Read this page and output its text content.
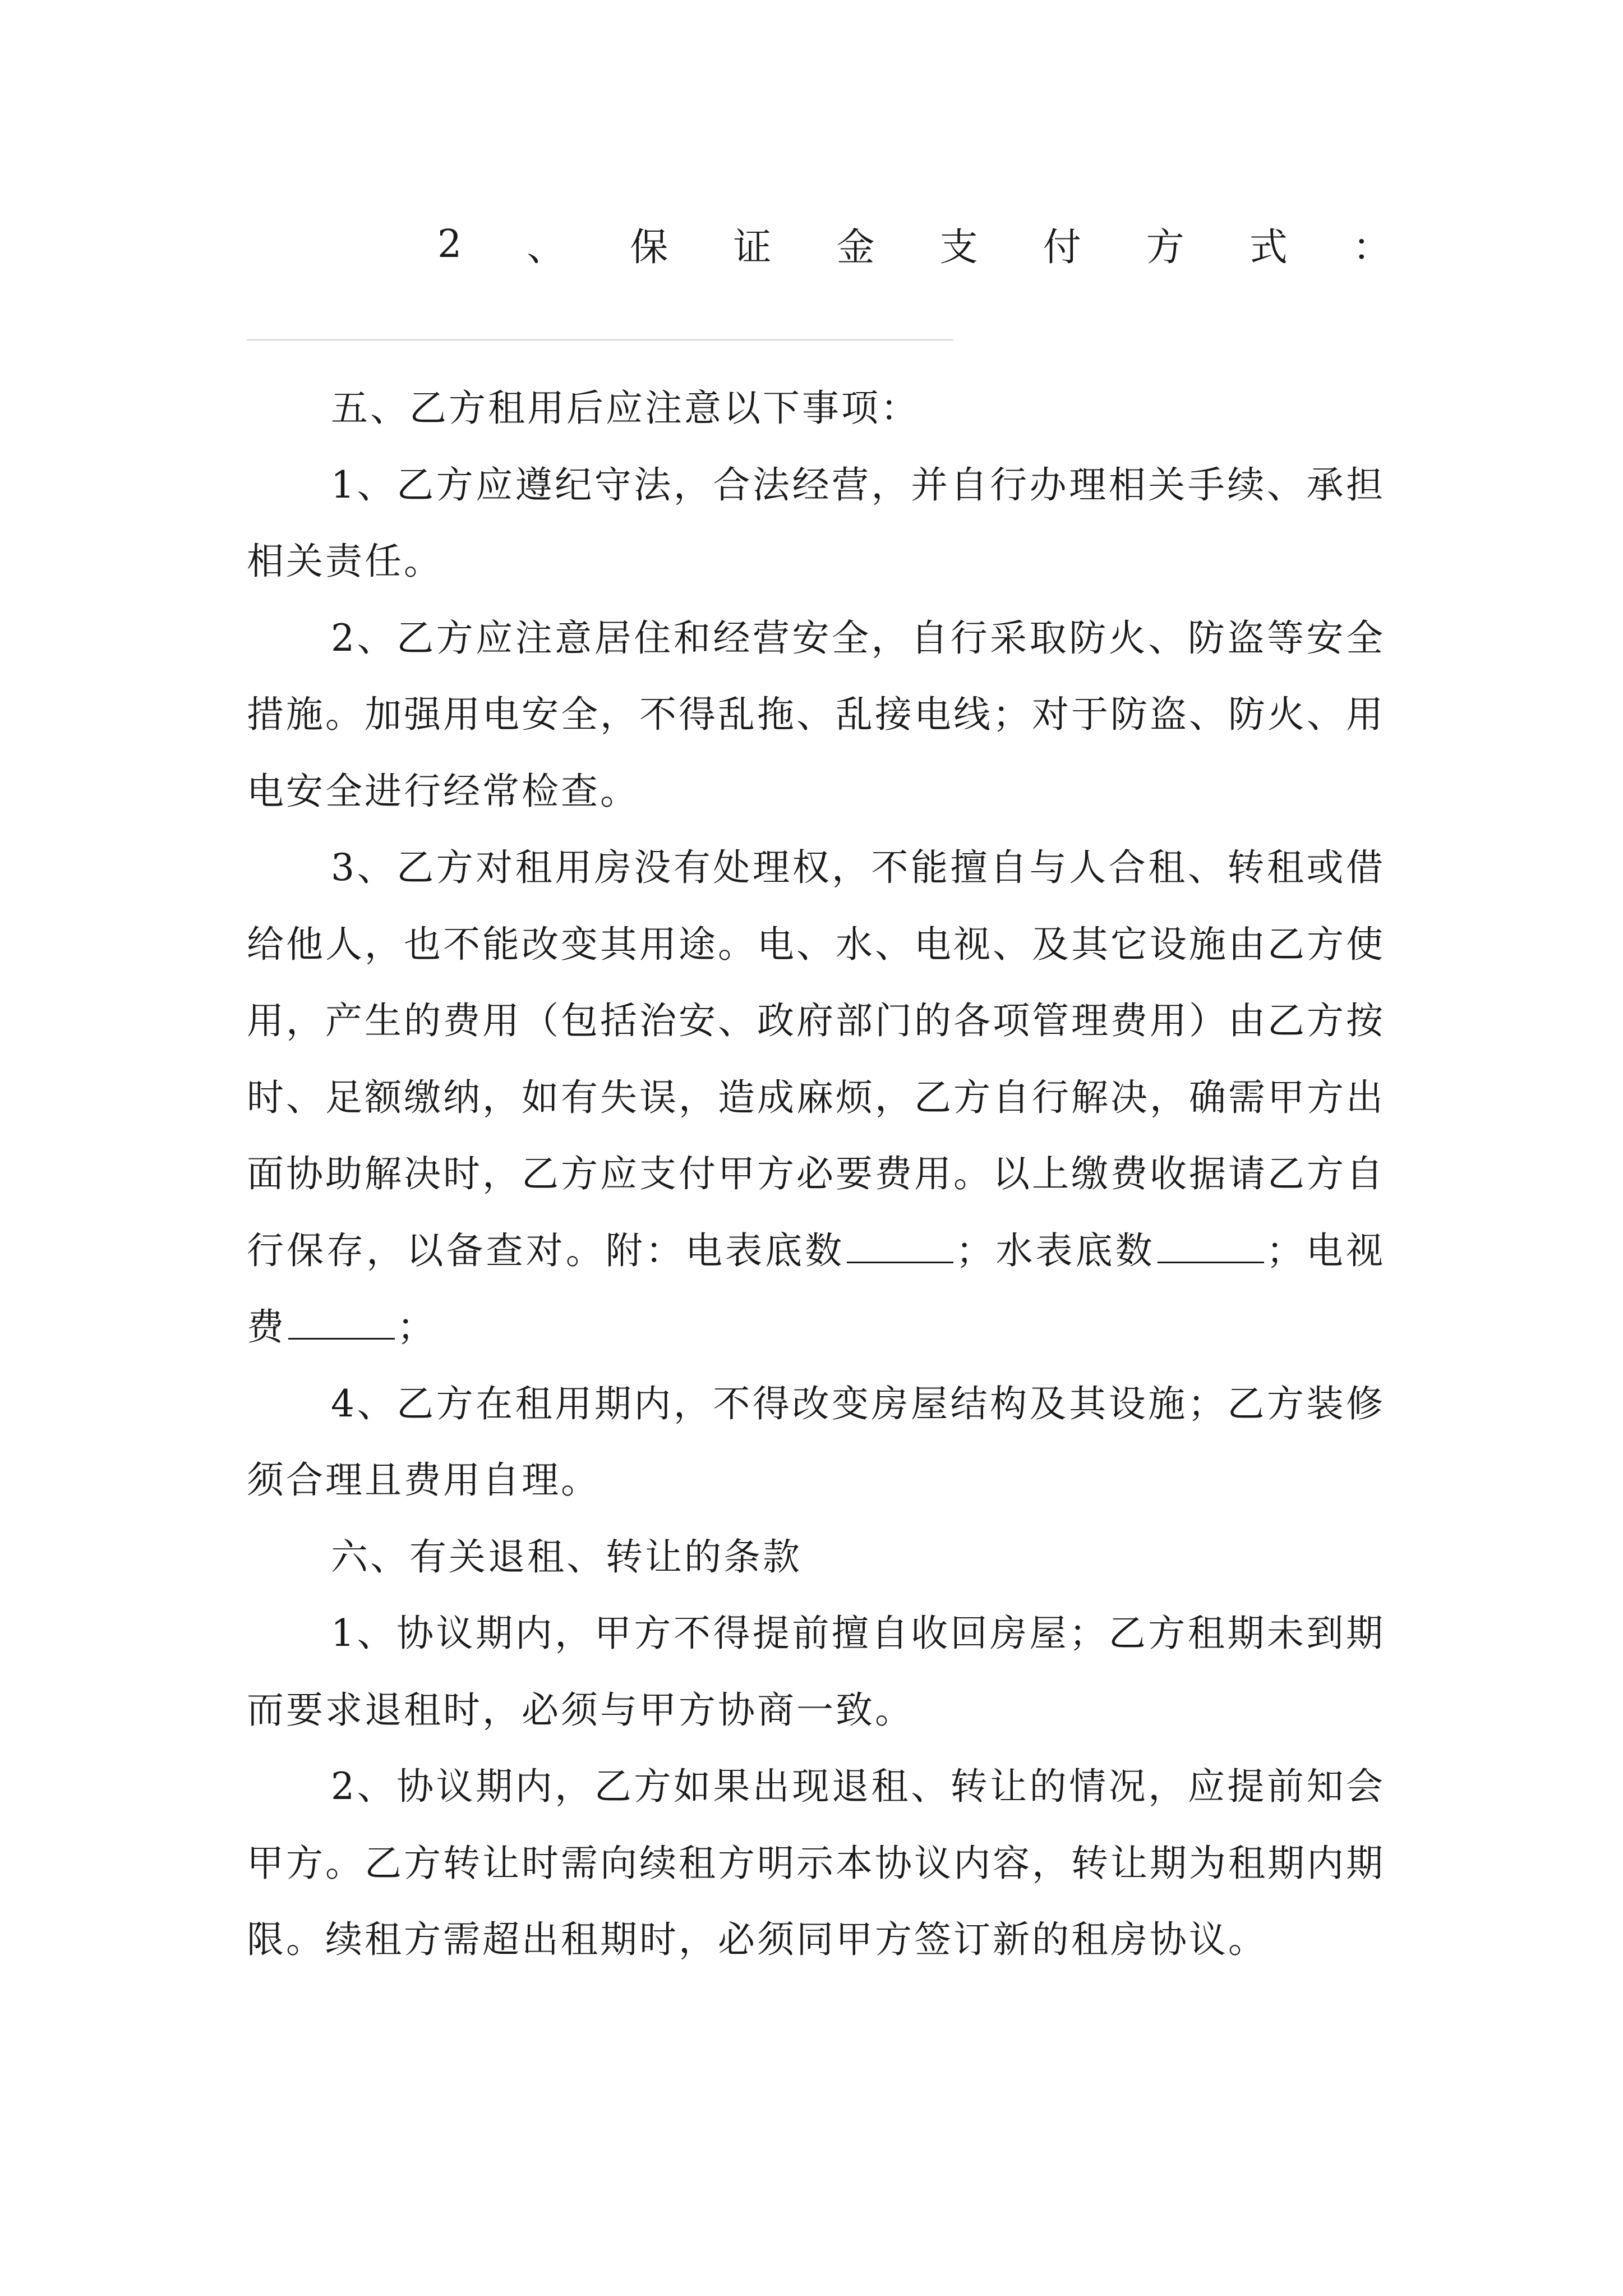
2 、 保 证 金 支 付 方 式 ：

五、乙方租用后应注意以下事项：

1、乙方应遵纪守法，合法经营，并自行办理相关手续、承担相关责任。

2、乙方应注意居住和经营安全，自行采取防火、防盗等安全措施。加强用电安全，不得乱拖、乱接电线；对于防盗、防火、用电安全进行经常检查。

3、乙方对租用房没有处理权，不能擅自与人合租、转租或借给他人，也不能改变其用途。电、水、电视、及其它设施由乙方使用，产生的费用（包括治安、政府部门的各项管理费用）由乙方按时、足额缴纳，如有失误，造成麻烦，乙方自行解决，确需甲方出面协助解决时，乙方应支付甲方必要费用。以上缴费收据请乙方自行保存，以备查对。附：电表底数	；水表底数	；电视费	；

4、乙方在租用期内，不得改变房屋结构及其设施；乙方装修须合理且费用自理。

六、有关退租、转让的条款

1、协议期内，甲方不得提前擅自收回房屋；乙方租期未到期而要求退租时，必须与甲方协商一致。

2、协议期内，乙方如果出现退租、转让的情况，应提前知会甲方。乙方转让时需向续租方明示本协议内容，转让期为租期内期限。续租方需超出租期时，必须同甲方签订新的租房协议。
